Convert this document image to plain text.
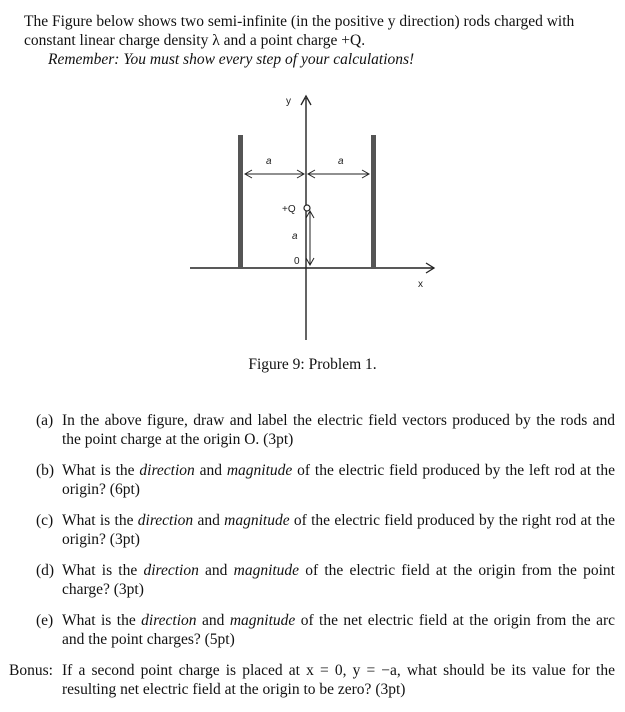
The Figure below shows two semi-infinite (in the positive y direction) rods charged with
constant linear charge density λ and a point charge +Q.
Remember: You must show every step of your calculations!
x
y
a	a
+Q
a
0
Figure 9: Problem 1.
(a) In the above figure, draw and label the electric field vectors produced by the rods and the point charge at the origin O. (3pt)
(b) What is the direction and magnitude of the electric field produced by the left rod at the origin? (6pt)
(c) What is the direction and magnitude of the electric field produced by the right rod at the origin? (3pt)
(d) What is the direction and magnitude of the electric field at the origin from the point charge? (3pt)
(e) What is the direction and magnitude of the net electric field at the origin from the arc and the point charges? (5pt)
Bonus: If a second point charge is placed at x = 0, y = −a, what should be its value for the resulting net electric field at the origin to be zero? (3pt)
